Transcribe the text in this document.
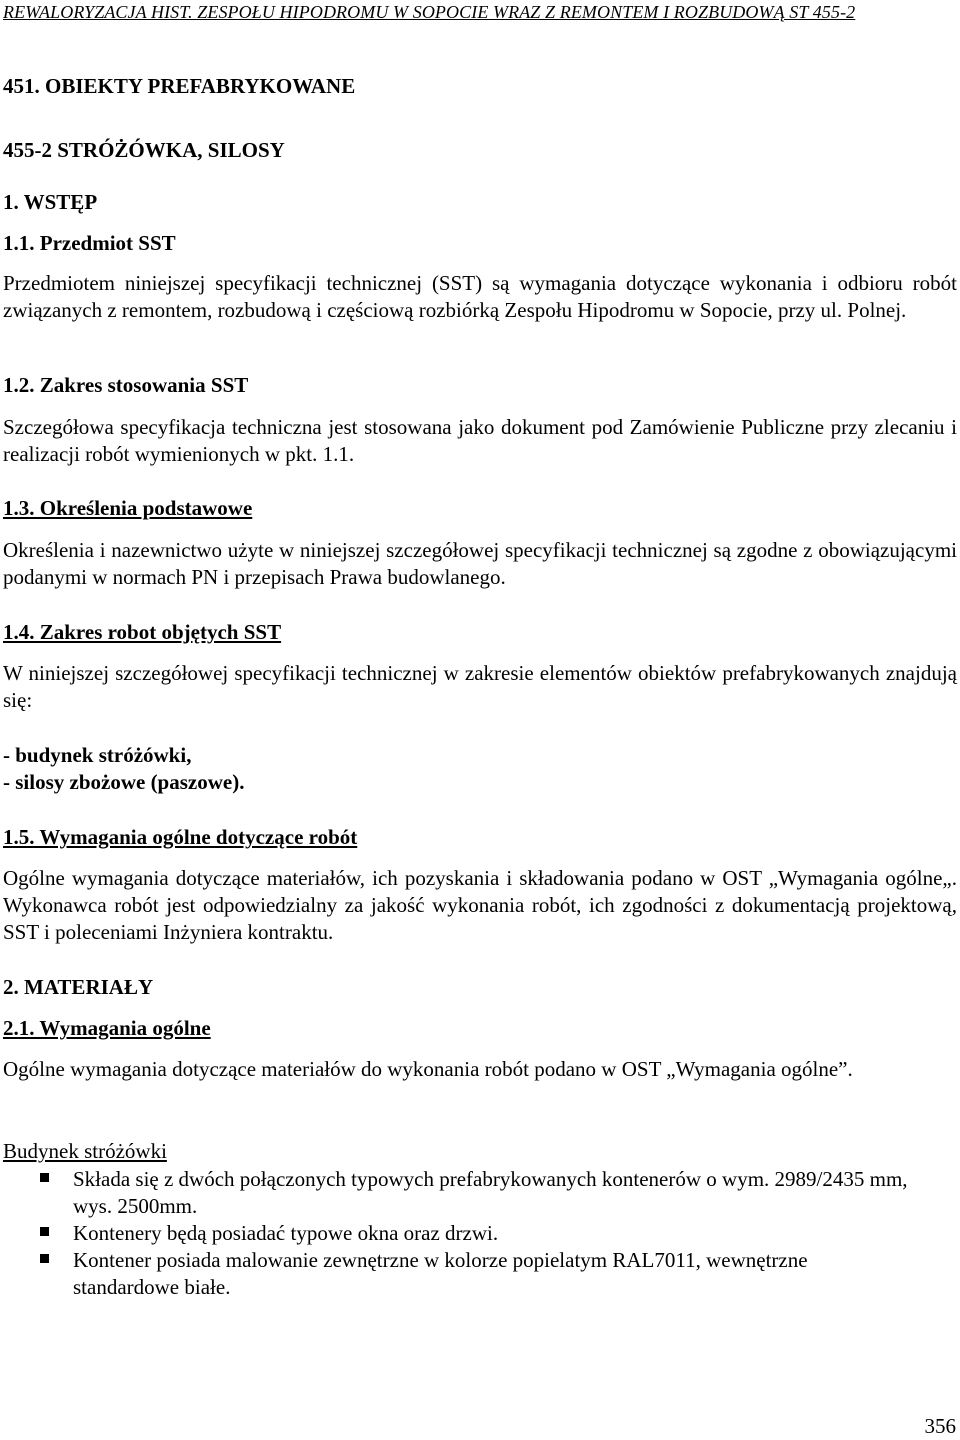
REWALORYZACJA HIST. ZESPOŁU HIPODROMU W SOPOCIE WRAZ Z REMONTEM I ROZBUDOWĄ ST 455-2
451. OBIEKTY PREFABRYKOWANE
455-2 STRÓŻÓWKA, SILOSY
1. WSTĘP
1.1. Przedmiot SST
Przedmiotem niniejszej specyfikacji technicznej (SST) są wymagania dotyczące wykonania i odbioru robót związanych z remontem, rozbudową i częściową rozbiórką Zespołu Hipodromu w Sopocie, przy ul. Polnej.
1.2. Zakres stosowania SST
Szczegółowa specyfikacja techniczna jest stosowana jako dokument pod Zamówienie Publiczne przy zlecaniu i realizacji robót wymienionych w pkt. 1.1.
1.3. Określenia podstawowe
Określenia i nazewnictwo użyte w niniejszej szczegółowej specyfikacji technicznej są zgodne z obowiązującymi podanymi w normach PN i przepisach Prawa budowlanego.
1.4. Zakres robot objętych SST
W niniejszej szczegółowej specyfikacji technicznej w zakresie elementów obiektów prefabrykowanych znajdują się:
- budynek stróżówki,
- silosy zbożowe (paszowe).
1.5. Wymagania ogólne dotyczące robót
Ogólne wymagania dotyczące materiałów, ich pozyskania i składowania podano w OST „Wymagania ogólne„. Wykonawca robót jest odpowiedzialny za jakość wykonania robót, ich zgodności z dokumentacją projektową, SST i poleceniami Inżyniera kontraktu.
2. MATERIAŁY
2.1. Wymagania ogólne
Ogólne wymagania dotyczące materiałów do wykonania robót podano w OST „Wymagania ogólne”.
Budynek stróżówki
Składa się z dwóch połączonych typowych prefabrykowanych kontenerów o wym. 2989/2435 mm, wys. 2500mm.
Kontenery będą posiadać typowe okna oraz drzwi.
Kontener posiada malowanie zewnętrzne w kolorze popielatym RAL7011, wewnętrzne standardowe białe.
356
